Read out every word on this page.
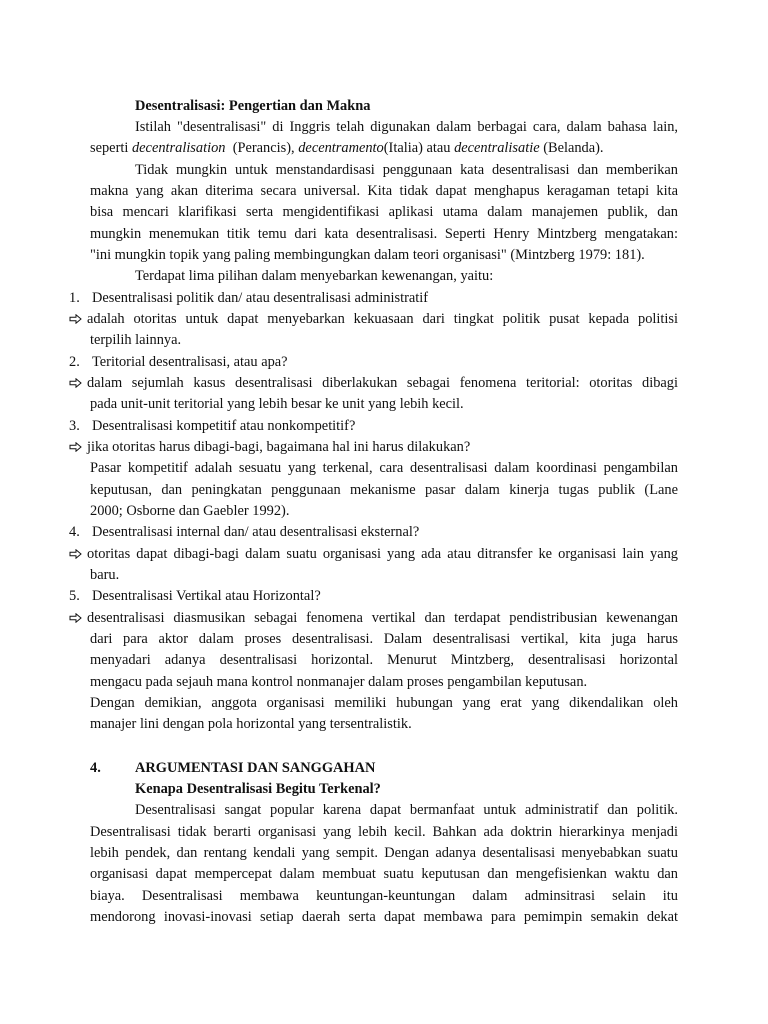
Desentralisasi: Pengertian dan Makna
Istilah "desentralisasi" di Inggris telah digunakan dalam berbagai cara, dalam bahasa lain,
seperti decentralisation  (Perancis), decentramento(Italia) atau decentralisatie (Belanda).
Tidak mungkin untuk menstandardisasi penggunaan kata desentralisasi dan memberikan
makna yang akan diterima secara universal. Kita tidak dapat menghapus keragaman tetapi kita
bisa mencari klarifikasi serta mengidentifikasi aplikasi utama dalam manajemen publik, dan
mungkin menemukan titik temu dari kata desentralisasi. Seperti Henry Mintzberg mengatakan:
"ini mungkin topik yang paling membingungkan dalam teori organisasi" (Mintzberg 1979: 181).
Terdapat lima pilihan dalam menyebarkan kewenangan, yaitu:
1. Desentralisasi politik dan/ atau desentralisasi administratif
adalah otoritas untuk dapat menyebarkan kekuasaan dari tingkat politik pusat kepada politisi
terpilih lainnya.
2. Teritorial desentralisasi, atau apa?
dalam sejumlah kasus desentralisasi diberlakukan sebagai fenomena teritorial: otoritas dibagi
pada unit-unit teritorial yang lebih besar ke unit yang lebih kecil.
3. Desentralisasi kompetitif atau nonkompetitif?
jika otoritas harus dibagi-bagi, bagaimana hal ini harus dilakukan?
Pasar kompetitif adalah sesuatu yang terkenal, cara desentralisasi dalam koordinasi pengambilan
keputusan, dan peningkatan penggunaan mekanisme pasar dalam kinerja tugas publik (Lane
2000; Osborne dan Gaebler 1992).
4. Desentralisasi internal dan/ atau desentralisasi eksternal?
otoritas dapat dibagi-bagi dalam suatu organisasi yang ada atau ditransfer ke organisasi lain yang
baru.
5. Desentralisasi Vertikal atau Horizontal?
desentralisasi diasmusikan sebagai fenomena vertikal dan terdapat pendistribusian kewenangan
dari para aktor dalam proses desentralisasi. Dalam desentralisasi vertikal, kita juga harus
menyadari adanya desentralisasi horizontal. Menurut Mintzberg, desentralisasi horizontal
mengacu pada sejauh mana kontrol nonmanajer dalam proses pengambilan keputusan.
Dengan demikian, anggota organisasi memiliki hubungan yang erat yang dikendalikan oleh
manajer lini dengan pola horizontal yang tersentralistik.
4. ARGUMENTASI DAN SANGGAHAN
Kenapa Desentralisasi Begitu Terkenal?
Desentralisasi sangat popular karena dapat bermanfaat untuk administratif dan politik.
Desentralisasi tidak berarti organisasi yang lebih kecil. Bahkan ada doktrin hierarkinya menjadi
lebih pendek, dan rentang kendali yang sempit. Dengan adanya desentalisasi menyebabkan suatu
organisasi dapat mempercepat dalam membuat suatu keputusan dan mengefisienkan waktu dan
biaya. Desentralisasi membawa keuntungan-keuntungan dalam adminsitrasi selain itu
mendorong inovasi-inovasi setiap daerah serta dapat membawa para pemimpin semakin dekat
